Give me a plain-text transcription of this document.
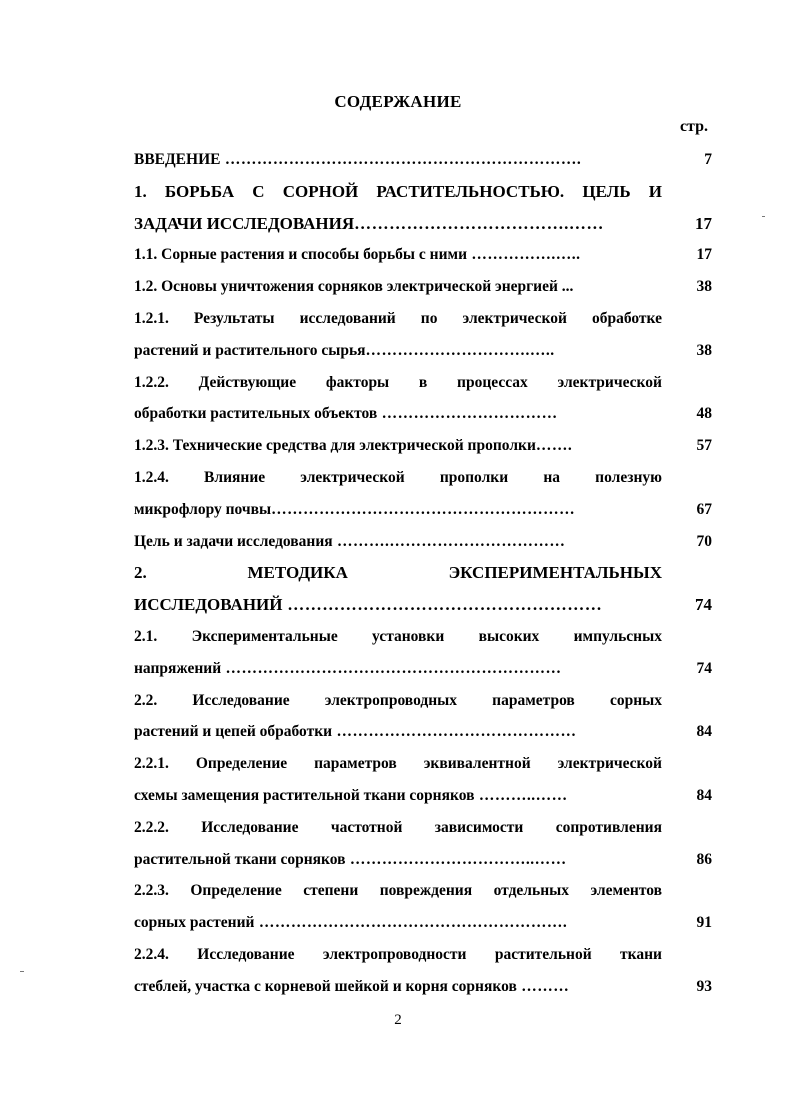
СОДЕРЖАНИЕ
стр.
ВВЕДЕНИЕ ………………………………………………………….	7
1. БОРЬБА С СОРНОЙ РАСТИТЕЛЬНОСТЬЮ. ЦЕЛЬ И
ЗАДАЧИ ИССЛЕДОВАНИЯ……………………………….……	17
1.1. Сорные растения и способы борьбы с ними …………….…..	17
1.2. Основы уничтожения сорняков электрической энергией ...	38
1.2.1. Результаты исследований по электрической обработке
растений и растительного сырья………………………….…..	38
1.2.2. Действующие факторы в процессах электрической
обработки растительных объектов ……………………………	48
1.2.3. Технические средства для электрической прополки…….	57
1.2.4. Влияние электрической прополки на полезную
микрофлору почвы…………………………………………………	67
Цель и задачи исследования ……….……………………………	70
2.	МЕТОДИКА	ЭКСПЕРИМЕНТАЛЬНЫХ
ИССЛЕДОВАНИЙ ………………………………………………	74
2.1. Экспериментальные установки высоких импульсных
напряжений ………………………………………………………	74
2.2. Исследование электропроводных параметров сорных
растений и цепей обработки ………………………………………	84
2.2.1. Определение параметров эквивалентной электрической
схемы замещения растительной ткани сорняков ………..……	84
2.2.2. Исследование частотной зависимости сопротивления
растительной ткани сорняков ……………………………..……	86
2.2.3. Определение степени повреждения отдельных элементов
сорных растений ………………………………………………….	91
2.2.4. Исследование электропроводности растительной ткани
стеблей, участка с корневой шейкой и корня сорняков ………	93
2
